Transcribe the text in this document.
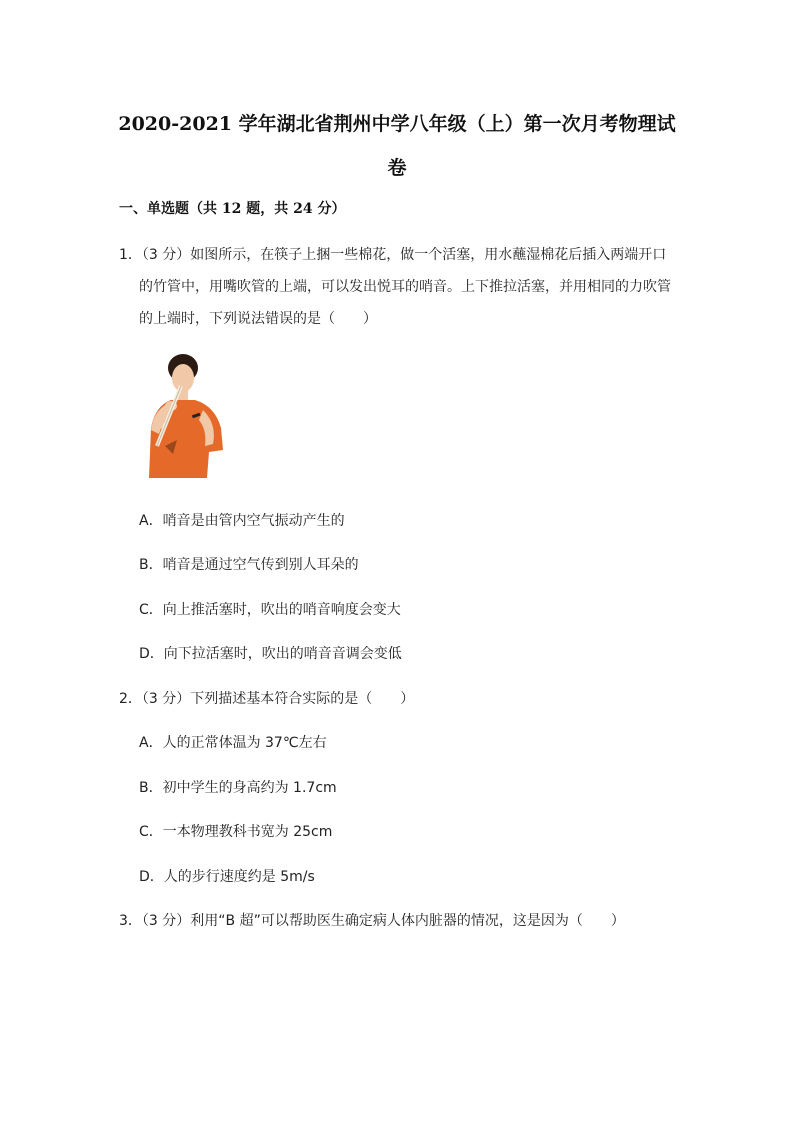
2020-2021 学年湖北省荆州中学八年级（上）第一次月考物理试
卷
一、单选题（共 12 题，共 24 分）
1．（3 分）如图所示，在筷子上捆一些棉花，做一个活塞，用水蘸湿棉花后插入两端开口
的竹管中，用嘴吹管的上端，可以发出悦耳的哨音。上下推拉活塞，并用相同的力吹管
的上端时，下列说法错误的是（　　）
A．哨音是由管内空气振动产生的
B．哨音是通过空气传到别人耳朵的
C．向上推活塞时，吹出的哨音响度会变大
D．向下拉活塞时，吹出的哨音音调会变低
2．（3 分）下列描述基本符合实际的是（　　）
A．人的正常体温为 37℃左右
B．初中学生的身高约为 1.7cm
C．一本物理教科书宽为 25cm
D．人的步行速度约是 5m/s
3．（3 分）利用“B 超”可以帮助医生确定病人体内脏器的情况，这是因为（　　）
